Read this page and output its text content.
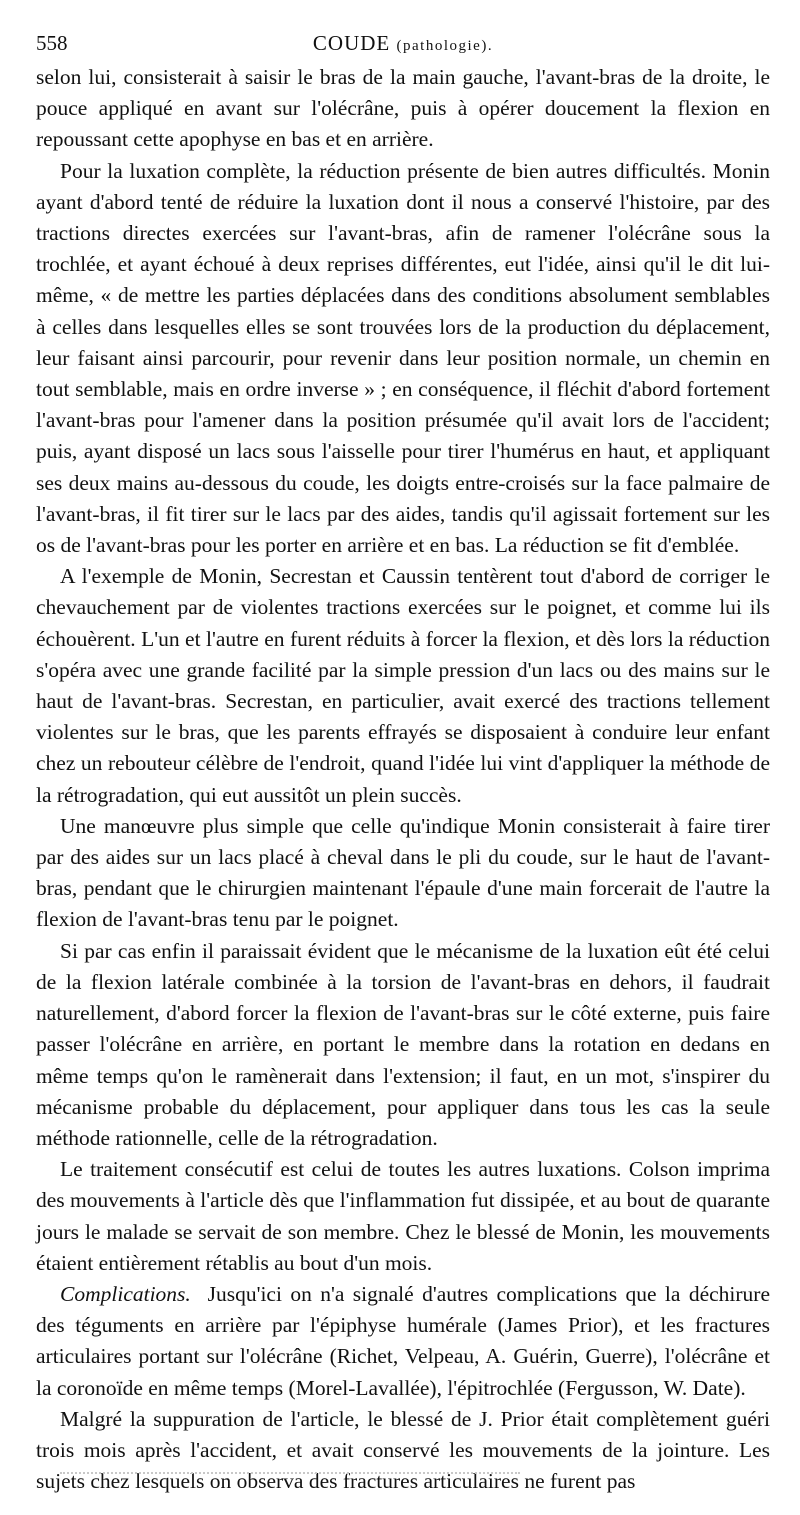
558	COUDE (pathologie).

selon lui, consisterait à saisir le bras de la main gauche, l'avant-bras de la droite, le pouce appliqué en avant sur l'olécrâne, puis à opérer doucement la flexion en repoussant cette apophyse en bas et en arrière.

Pour la luxation complète, la réduction présente de bien autres difficultés. Monin ayant d'abord tenté de réduire la luxation dont il nous a conservé l'histoire, par des tractions directes exercées sur l'avant-bras, afin de ramener l'olécrâne sous la trochlée, et ayant échoué à deux reprises différentes, eut l'idée, ainsi qu'il le dit lui-même, « de mettre les parties déplacées dans des conditions absolument semblables à celles dans lesquelles elles se sont trouvées lors de la production du déplacement, leur faisant ainsi parcourir, pour revenir dans leur position normale, un chemin en tout semblable, mais en ordre inverse » ; en conséquence, il fléchit d'abord fortement l'avant-bras pour l'amener dans la position présumée qu'il avait lors de l'accident; puis, ayant disposé un lacs sous l'aisselle pour tirer l'humérus en haut, et appliquant ses deux mains au-dessous du coude, les doigts entre-croisés sur la face palmaire de l'avant-bras, il fit tirer sur le lacs par des aides, tandis qu'il agissait fortement sur les os de l'avant-bras pour les porter en arrière et en bas. La réduction se fit d'emblée.

A l'exemple de Monin, Secrestan et Caussin tentèrent tout d'abord de corriger le chevauchement par de violentes tractions exercées sur le poignet, et comme lui ils échouèrent. L'un et l'autre en furent réduits à forcer la flexion, et dès lors la réduction s'opéra avec une grande facilité par la simple pression d'un lacs ou des mains sur le haut de l'avant-bras. Secrestan, en particulier, avait exercé des tractions tellement violentes sur le bras, que les parents effrayés se disposaient à conduire leur enfant chez un rebouteur célèbre de l'endroit, quand l'idée lui vint d'appliquer la méthode de la rétrogradation, qui eut aussitôt un plein succès.

Une manœuvre plus simple que celle qu'indique Monin consisterait à faire tirer par des aides sur un lacs placé à cheval dans le pli du coude, sur le haut de l'avant-bras, pendant que le chirurgien maintenant l'épaule d'une main forcerait de l'autre la flexion de l'avant-bras tenu par le poignet.

Si par cas enfin il paraissait évident que le mécanisme de la luxation eût été celui de la flexion latérale combinée à la torsion de l'avant-bras en dehors, il faudrait naturellement, d'abord forcer la flexion de l'avant-bras sur le côté externe, puis faire passer l'olécrâne en arrière, en portant le membre dans la rotation en dedans en même temps qu'on le ramènerait dans l'extension; il faut, en un mot, s'inspirer du mécanisme probable du déplacement, pour appliquer dans tous les cas la seule méthode rationnelle, celle de la rétrogradation.

Le traitement consécutif est celui de toutes les autres luxations. Colson imprima des mouvements à l'article dès que l'inflammation fut dissipée, et au bout de quarante jours le malade se servait de son membre. Chez le blessé de Monin, les mouvements étaient entièrement rétablis au bout d'un mois.

Complications. Jusqu'ici on n'a signalé d'autres complications que la déchirure des téguments en arrière par l'épiphyse humérale (James Prior), et les fractures articulaires portant sur l'olécrâne (Richet, Velpeau, A. Guérin, Guerre), l'olécrâne et la coronoïde en même temps (Morel-Lavallée), l'épitrochlée (Fergusson, W. Date).

Malgré la suppuration de l'article, le blessé de J. Prior était complètement guéri trois mois après l'accident, et avait conservé les mouvements de la jointure. Les sujets chez lesquels on observa des fractures articulaires ne furent pas
